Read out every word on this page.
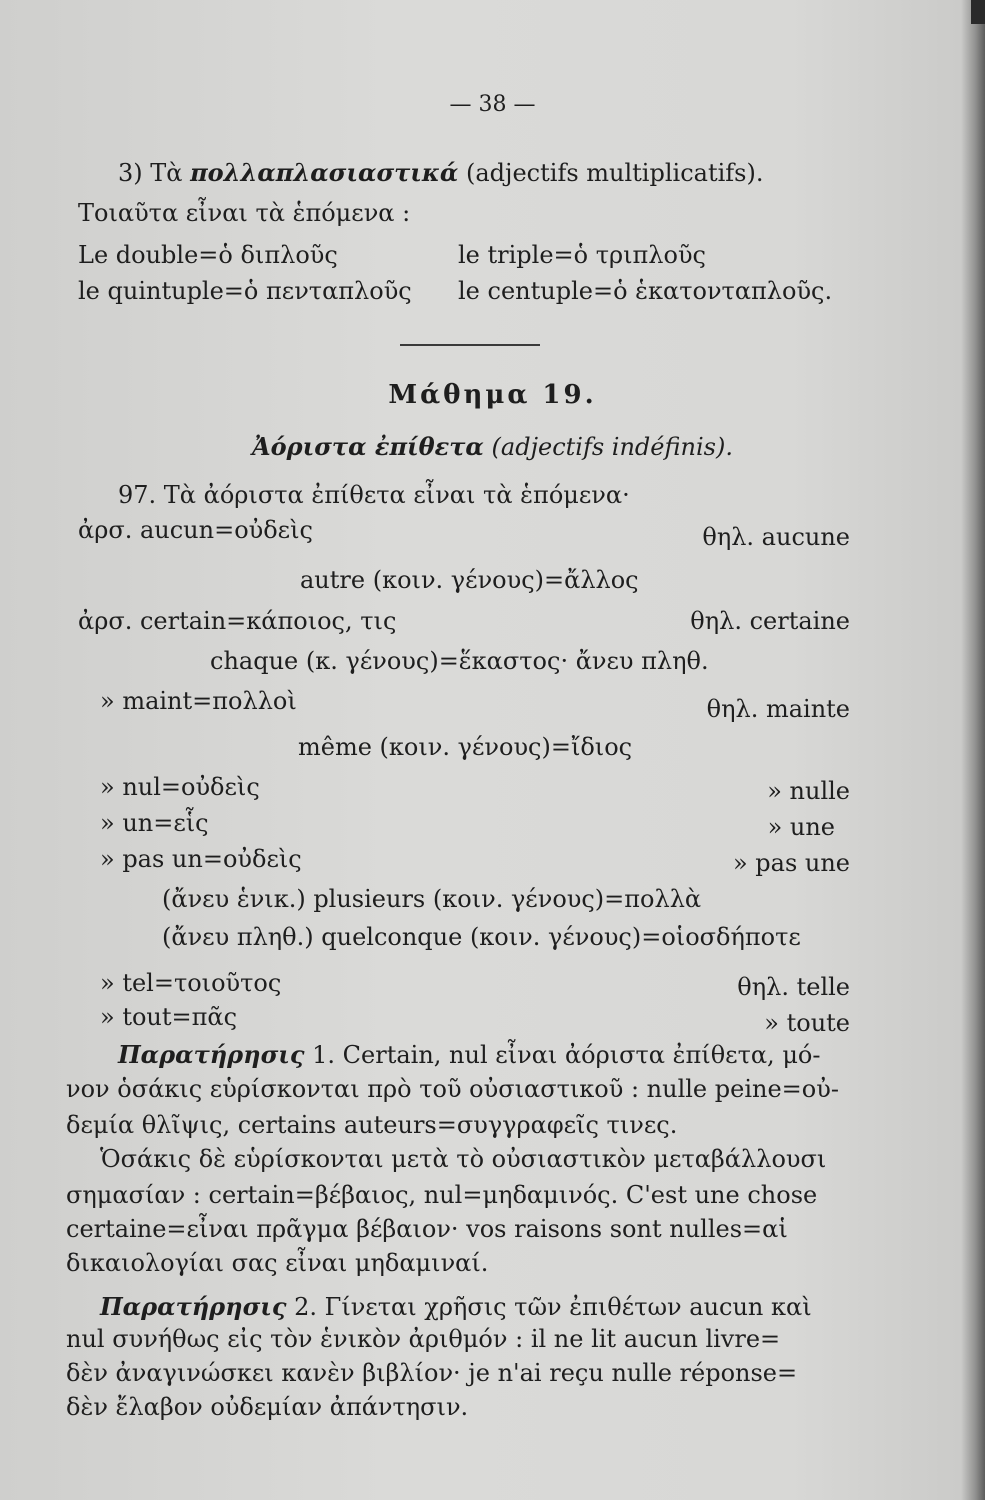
— 38 —
3) Τὰ πολλαπλασιαστικά (adjectifs multiplicatifs).
Τοιαῦτα εἶναι τὰ ἑπόμενα :
Le double=ὁ διπλοῦς	le triple=ὁ τριπλοῦς
le quintuple=ὁ πενταπλοῦς le centuple=ὁ ἑκατονταπλοῦς.
Μάθημα 19.
Ἀόριστα ἐπίθετα (adjectifs indéfinis).
97. Τὰ ἀόριστα ἐπίθετα εἶναι τὰ ἑπόμενα·
ἀρσ. aucun=οὐδεὶς	θηλ. aucune
autre (κοιν. γένους)=ἄλλος
ἀρσ. certain=κάποιος, τις	θηλ. certaine
chaque (κ. γένους)=ἕκαστος· ἄνευ πληθ.
» maint=πολλοὶ	θηλ. mainte
même (κοιν. γένους)=ἴδιος
» nul=οὐδεὶς	» nulle
» un=εἷς	» une
» pas un=οὐδεὶς	» pas une
(ἄνευ ἑνικ.) plusieurs (κοιν. γένους)=πολλὰ
(ἄνευ πληθ.) quelconque (κοιν. γένους)=οἱοσδήποτε
» tel=τοιοῦτος	θηλ. telle
» tout=πᾶς	» toute
Παρατήρησις 1. Certain, nul εἶναι ἀόριστα ἐπίθετα, μό-
νον ὁσάκις εὑρίσκονται πρὸ τοῦ οὐσιαστικοῦ : nulle peine=οὐ-
δεμία θλῖψις, certains auteurs=συγγραφεῖς τινες.
Ὁσάκις δὲ εὑρίσκονται μετὰ τὸ οὐσιαστικὸν μεταβάλλουσι
σημασίαν : certain=βέβαιος, nul=μηδαμινός. C'est une chose
certaine=εἶναι πρᾶγμα βέβαιον· vos raisons sont nulles=αἱ
δικαιολογίαι σας εἶναι μηδαμιναί.
Παρατήρησις 2. Γίνεται χρῆσις τῶν ἐπιθέτων aucun καὶ
nul συνήθως εἰς τὸν ἑνικὸν ἀριθμόν : il ne lit aucun livre=
δὲν ἀναγινώσκει κανὲν βιβλίον· je n'ai reçu nulle réponse=
δὲν ἔλαβον οὐδεμίαν ἀπάντησιν.
